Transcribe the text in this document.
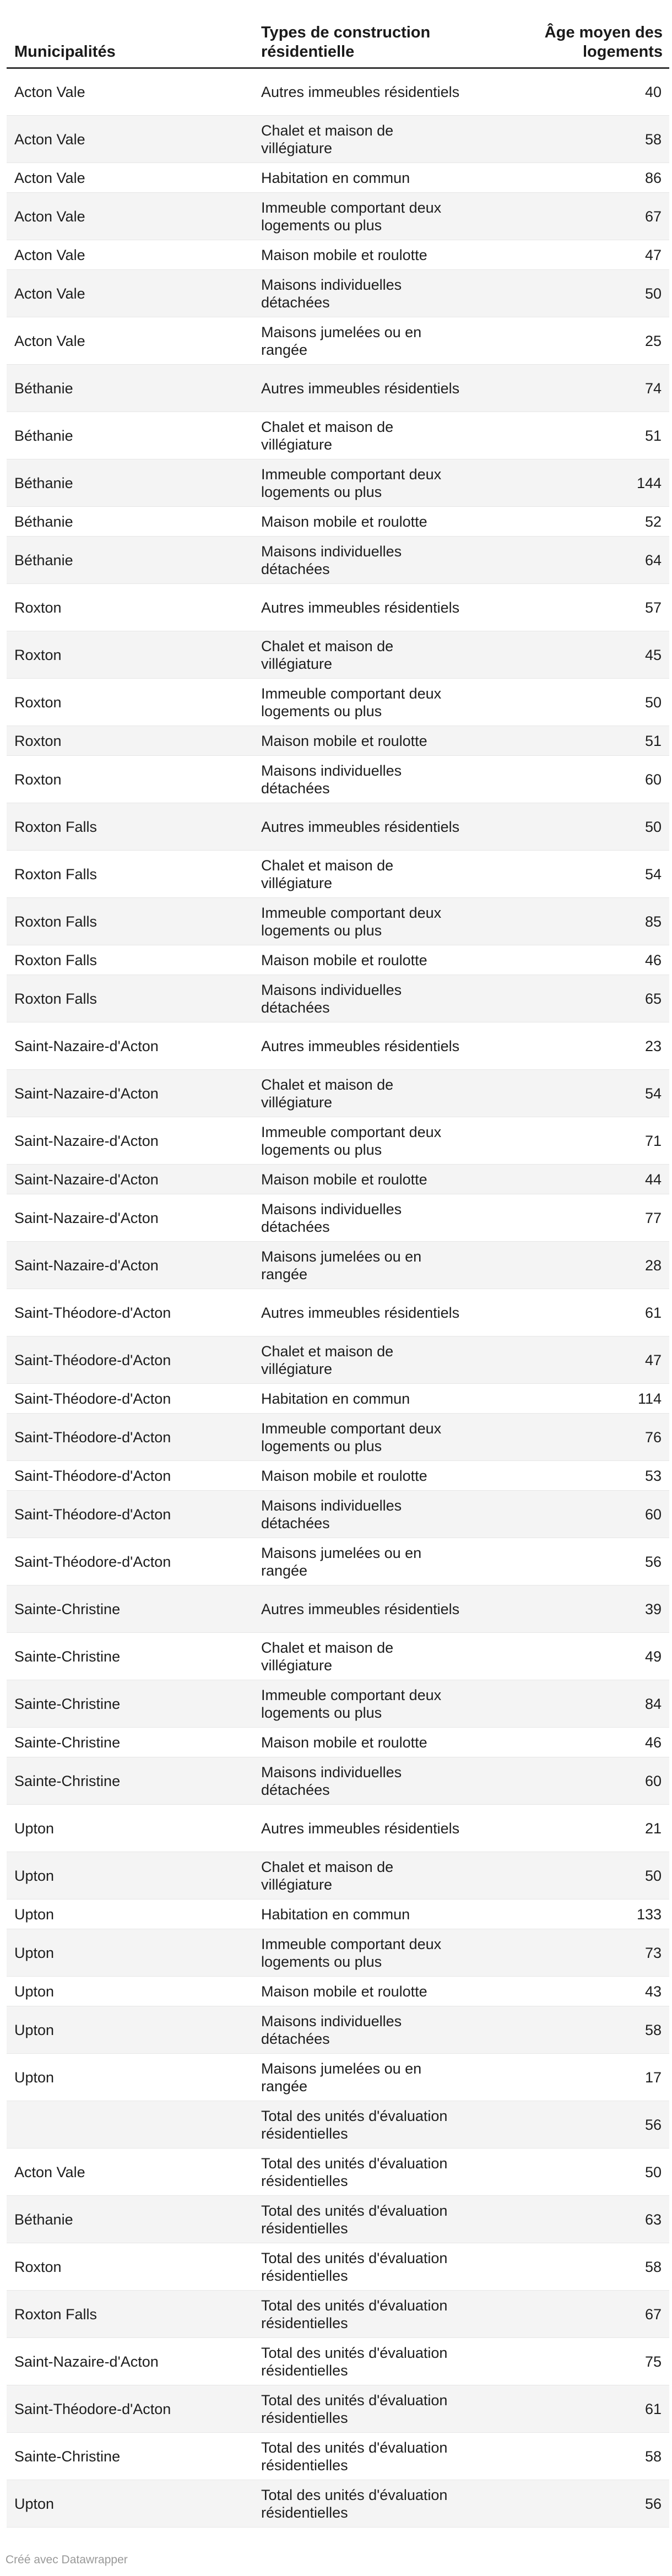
Municipalités	Types de construction résidentielle	Âge moyen des logements
Acton Vale	Autres immeubles résidentiels	40
Acton Vale	Chalet et maison de villégiature	58
Acton Vale	Habitation en commun	86
Acton Vale	Immeuble comportant deux logements ou plus	67
Acton Vale	Maison mobile et roulotte	47
Acton Vale	Maisons individuelles détachées	50
Acton Vale	Maisons jumelées ou en rangée	25
Béthanie	Autres immeubles résidentiels	74
Béthanie	Chalet et maison de villégiature	51
Béthanie	Immeuble comportant deux logements ou plus	144
Béthanie	Maison mobile et roulotte	52
Béthanie	Maisons individuelles détachées	64
Roxton	Autres immeubles résidentiels	57
Roxton	Chalet et maison de villégiature	45
Roxton	Immeuble comportant deux logements ou plus	50
Roxton	Maison mobile et roulotte	51
Roxton	Maisons individuelles détachées	60
Roxton Falls	Autres immeubles résidentiels	50
Roxton Falls	Chalet et maison de villégiature	54
Roxton Falls	Immeuble comportant deux logements ou plus	85
Roxton Falls	Maison mobile et roulotte	46
Roxton Falls	Maisons individuelles détachées	65
Saint-Nazaire-d'Acton	Autres immeubles résidentiels	23
Saint-Nazaire-d'Acton	Chalet et maison de villégiature	54
Saint-Nazaire-d'Acton	Immeuble comportant deux logements ou plus	71
Saint-Nazaire-d'Acton	Maison mobile et roulotte	44
Saint-Nazaire-d'Acton	Maisons individuelles détachées	77
Saint-Nazaire-d'Acton	Maisons jumelées ou en rangée	28
Saint-Théodore-d'Acton	Autres immeubles résidentiels	61
Saint-Théodore-d'Acton	Chalet et maison de villégiature	47
Saint-Théodore-d'Acton	Habitation en commun	114
Saint-Théodore-d'Acton	Immeuble comportant deux logements ou plus	76
Saint-Théodore-d'Acton	Maison mobile et roulotte	53
Saint-Théodore-d'Acton	Maisons individuelles détachées	60
Saint-Théodore-d'Acton	Maisons jumelées ou en rangée	56
Sainte-Christine	Autres immeubles résidentiels	39
Sainte-Christine	Chalet et maison de villégiature	49
Sainte-Christine	Immeuble comportant deux logements ou plus	84
Sainte-Christine	Maison mobile et roulotte	46
Sainte-Christine	Maisons individuelles détachées	60
Upton	Autres immeubles résidentiels	21
Upton	Chalet et maison de villégiature	50
Upton	Habitation en commun	133
Upton	Immeuble comportant deux logements ou plus	73
Upton	Maison mobile et roulotte	43
Upton	Maisons individuelles détachées	58
Upton	Maisons jumelées ou en rangée	17
	Total des unités d'évaluation résidentielles	56
Acton Vale	Total des unités d'évaluation résidentielles	50
Béthanie	Total des unités d'évaluation résidentielles	63
Roxton	Total des unités d'évaluation résidentielles	58
Roxton Falls	Total des unités d'évaluation résidentielles	67
Saint-Nazaire-d'Acton	Total des unités d'évaluation résidentielles	75
Saint-Théodore-d'Acton	Total des unités d'évaluation résidentielles	61
Sainte-Christine	Total des unités d'évaluation résidentielles	58
Upton	Total des unités d'évaluation résidentielles	56
Créé avec Datawrapper
